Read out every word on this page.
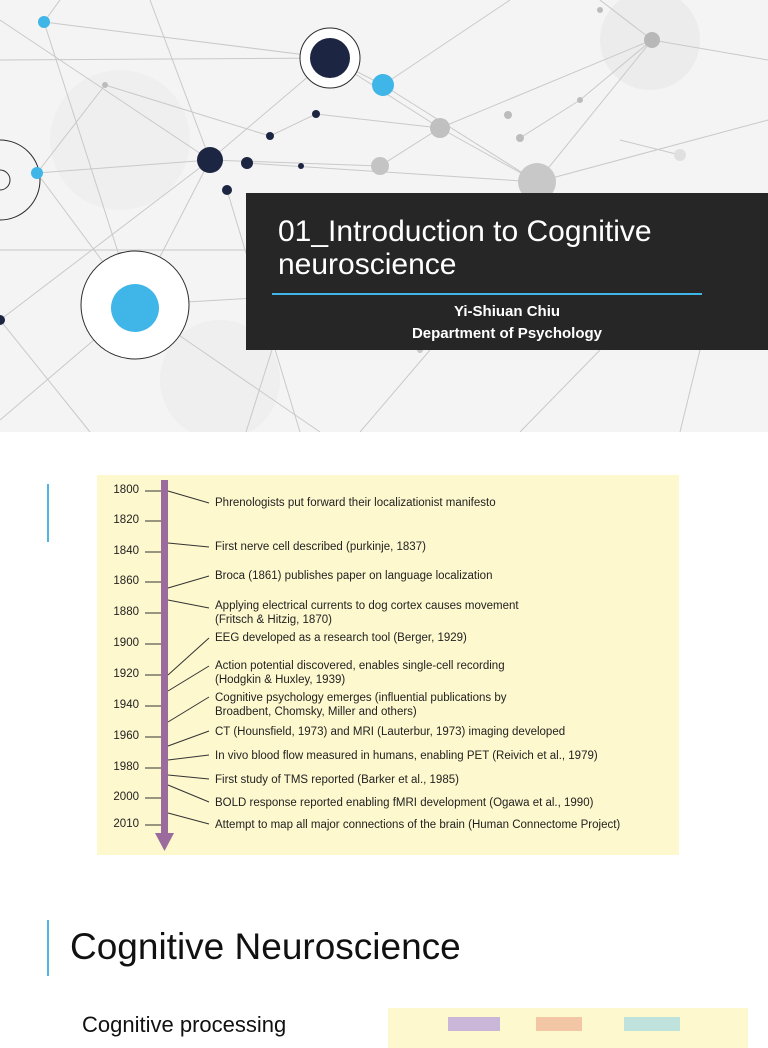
01_Introduction to Cognitive neuroscience
Yi-Shiuan Chiu
Department of Psychology
1800
1820
1840
1860
1880
1900
1920
1940
1960
1980
2000
2010
Phrenologists put forward their localizationist manifesto
First nerve cell described (purkinje, 1837)
Broca (1861) publishes paper on language localization
Applying electrical currents to dog cortex causes movement
(Fritsch & Hitzig, 1870)
EEG developed as a research tool (Berger, 1929)
Action potential discovered, enables single-cell recording
(Hodgkin & Huxley, 1939)
Cognitive psychology emerges (influential publications by
Broadbent, Chomsky, Miller and others)
CT (Hounsfield, 1973) and MRI (Lauterbur, 1973) imaging developed
In vivo blood flow measured in humans, enabling PET (Reivich et al., 1979)
First study of TMS reported (Barker et al., 1985)
BOLD response reported enabling fMRI development (Ogawa et al., 1990)
Attempt to map all major connections of the brain (Human Connectome Project)
Cognitive Neuroscience
Cognitive processing
